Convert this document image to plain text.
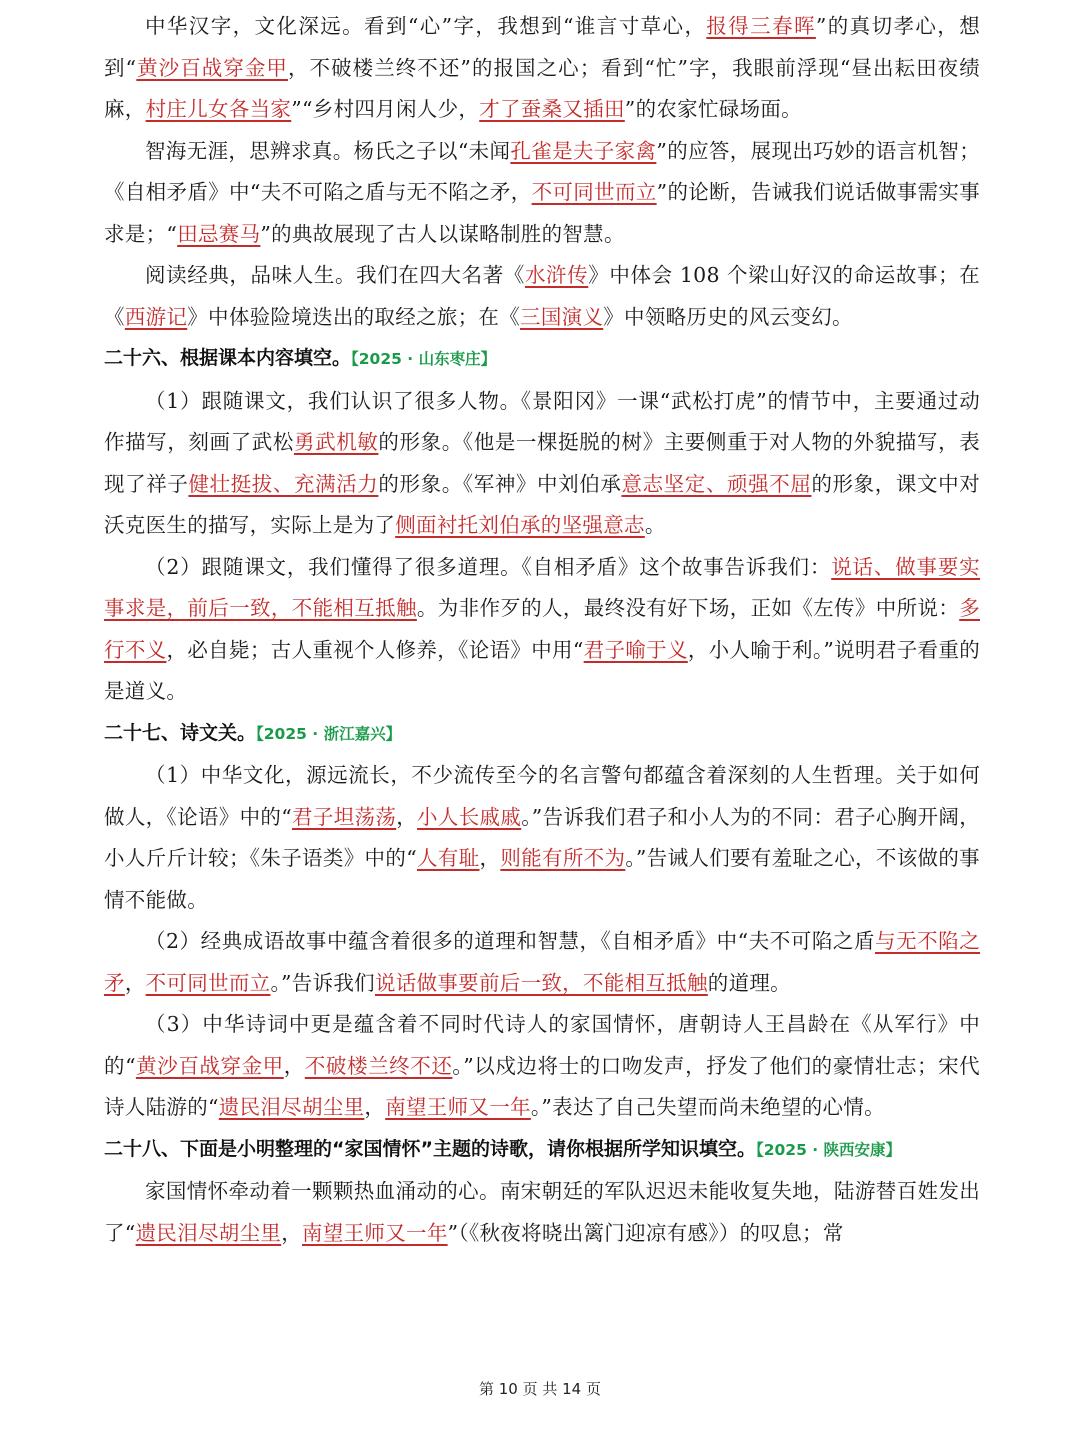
中华汉字，文化深远。看到“心”字，我想到“谁言寸草心，报得三春晖”的真切孝心，想到“黄沙百战穿金甲，不破楼兰终不还”的报国之心；看到“忙”字，我眼前浮现“昼出耘田夜绩麻，村庄儿女各当家”“乡村四月闲人少，才了蚕桑又插田”的农家忙碌场面。

智海无涯，思辨求真。杨氏之子以“未闻孔雀是夫子家禽”的应答，展现出巧妙的语言机智；《自相矛盾》中“夫不可陷之盾与无不陷之矛，不可同世而立”的论断，告诫我们说话做事需实事求是；“田忌赛马”的典故展现了古人以谋略制胜的智慧。

阅读经典，品味人生。我们在四大名著《水浒传》中体会 108 个梁山好汉的命运故事；在《西游记》中体验险境迭出的取经之旅；在《三国演义》中领略历史的风云变幻。

二十六、根据课本内容填空。【2025 · 山东枣庄】

（1）跟随课文，我们认识了很多人物。《景阳冈》一课“武松打虎”的情节中，主要通过动作描写，刻画了武松勇武机敏的形象。《他是一棵挺脱的树》主要侧重于对人物的外貌描写，表现了祥子健壮挺拔、充满活力的形象。《军神》中刘伯承意志坚定、顽强不屈的形象，课文中对沃克医生的描写，实际上是为了侧面衬托刘伯承的坚强意志。

（2）跟随课文，我们懂得了很多道理。《自相矛盾》这个故事告诉我们：说话、做事要实事求是，前后一致，不能相互抵触。为非作歹的人，最终没有好下场，正如《左传》中所说：多行不义，必自毙；古人重视个人修养，《论语》中用“君子喻于义，小人喻于利。”说明君子看重的是道义。

二十七、诗文关。【2025 · 浙江嘉兴】

（1）中华文化，源远流长，不少流传至今的名言警句都蕴含着深刻的人生哲理。关于如何做人，《论语》中的“君子坦荡荡，小人长戚戚。”告诉我们君子和小人为的不同：君子心胸开阔，小人斤斤计较；《朱子语类》中的“人有耻，则能有所不为。”告诫人们要有羞耻之心，不该做的事情不能做。

（2）经典成语故事中蕴含着很多的道理和智慧，《自相矛盾》中“夫不可陷之盾与无不陷之矛，不可同世而立。”告诉我们说话做事要前后一致，不能相互抵触的道理。

（3）中华诗词中更是蕴含着不同时代诗人的家国情怀，唐朝诗人王昌龄在《从军行》中的“黄沙百战穿金甲，不破楼兰终不还。”以戍边将士的口吻发声，抒发了他们的豪情壮志；宋代诗人陆游的“遗民泪尽胡尘里，南望王师又一年。”表达了自己失望而尚未绝望的心情。

二十八、下面是小明整理的“家国情怀”主题的诗歌，请你根据所学知识填空。【2025 · 陕西安康】

家国情怀牵动着一颗颗热血涌动的心。南宋朝廷的军队迟迟未能收复失地，陆游替百姓发出了“遗民泪尽胡尘里，南望王师又一年”（《秋夜将晓出篱门迎凉有感》）的叹息；常

第 10 页 共 14 页
